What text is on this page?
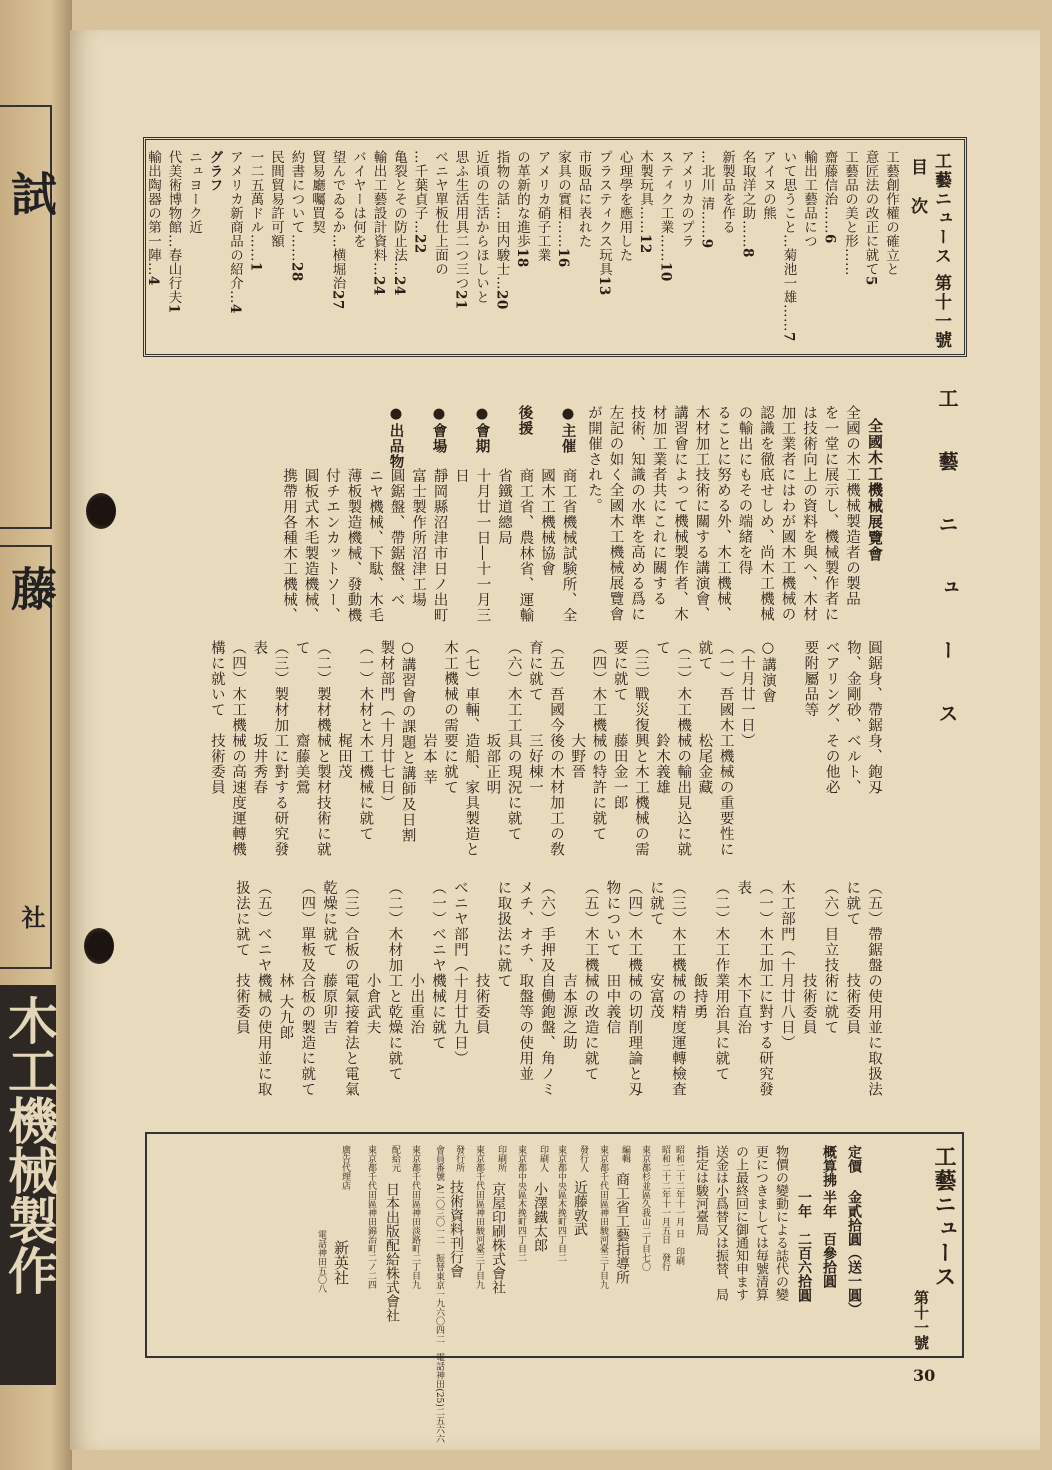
試
藤
社
木工機械製作
工藝ニュース 第十一號
目 次
工藝創作權の確立と
意匠法の改正に就て5
工藝品の美と形……
齋藤信治……6
輸出工藝品につ
いて思うこと…菊池一雄……7
アイヌの熊
名取洋之助……8
新製品を作る
…北川 清……9
アメリカのプラ
スティク工業……10
木製玩具……12
心理學を應用した
プラスティクス玩具13
市販品に表れた
家具の實相……16
アメリカ硝子工業
の革新的な進歩18
指物の話…田内駿士…20
近頃の生活からほしいと
思ふ生活用具二つ三つ21
べニヤ單板仕上面の
…千葉貞子…22
亀裂とその防止法…24
輸出工藝設計資料…24
バイヤーは何を
望んでゐるか…横堀治27
貿易廳囑買契
約書について……28
民間貿易許可額
一二五萬ドル……1
アメリカ新商品の紹介…4
グラフ
ニュヨーク近
代美術博物館…春山行夫1
輸出陶器の第一陣…4
工 藝 ニ ュ ー ス
全國木工機械展覽會
全國の木工機械製造者の製品
を一堂に展示し、機械製作者に
は技術向上の資料を與へ、木材
加工業者にはわが國木工機械の
認識を徹底せしめ、尚木工機械
の輸出にもその端緒を得
ることに努める外、木工機械、
木材加工技術に關する講演會、
講習會によって機械製作者、木
材加工業者共にこれに關する
技術、知識の水準を高める爲に
左記の如く全國木工機械展覽會
が開催された。
●主催
商工省機械試験所、全
國木工機械協會
後援
商工省、農林省、運輸
省鐵道總局
●會期
十月廿一日―十一月三
日
●會場
靜岡縣沼津市日ノ出町
富士製作所沼津工場
●出品物
圓鋸盤、帶鋸盤、ベ
ニヤ機械、下駄、木毛
薄板製造機械、發動機
付チエンカットソー、
圓板式木毛製造機械、
携帶用各種木工機械、
圓鋸身、帶鋸身、鉋刄
物、金剛砂、ベルト、
ベアリング、その他必
要附屬品等
○講演會
（十月廿一日）
（一）吾國木工機械の重要性に
就て　　　　松尾金藏
（二）木工機械の輸出見込に就
て　　　　　鈴木義雄
（三）戰災復興と木工機械の需
要に就て　　藤田金一郎
（四）木工機械の特許に就て
　　　　　　大野晉
（五）吾國今後の木材加工の敎
育に就て　　三好棟一
（六）木工工具の現況に就て
　　　　　　坂部正明
（七）車輛、造船、家具製造と
木工機械の需要に就て
　　　　　　岩本 莘
○講習會の課題と講師及日割
製材部門（十月廿七日）
（一）木材と木工機械に就て
　　　　　　梶田茂
（二）製材機械と製材技術に就
て　　　　　齋藤美鶯
（三）製材加工に對する研究發
表　　　　　坂井秀春
（四）木工機械の高速度運轉機
構に就いて　技術委員
（五）帶鋸盤の使用並に取扱法
に就て　　　技術委員
（六）目立技術に就て
　　　　　　技術委員
木工部門（十月廿八日）
（一）木工加工に對する研究發
表　　　　　木下直治
（二）木工作業用治具に就て
　　　　　　飯持勇
（三）木工機械の精度運轉檢査
に就て　　　安富茂
（四）木工機械の切削理論と刄
物について　田中義信
（五）木工機械の改造に就て
　　　　　　吉本源之助
（六）手押及自働鉋盤、角ノミ
メチ、オチ、取盤等の使用並
に取扱法に就て
　　　　　　技術委員
べニヤ部門（十月廿九日）
（一）べニヤ機械に就て
　　　　　　小出重治
（二）木材加工と乾燥に就て
　　　　　　小倉武夫
（三）合板の電氣接着法と電氣
乾燥に就て　藤原卯吉
（四）單板及合板の製造に就て
　　　　　　林 大九郎
（五）べニヤ機械の使用並に取
扱法に就て　技術委員
工藝ニュース
第十一號
定價
金貳拾圓（送一圓）
概算拂
半年　百參拾圓
一年　二百六拾圓
物價の變動による誌代の變
更につきましては毎號清算
の上最終回に御通知申ます
送金は小爲替又は振替、局
指定は駿河臺局
昭和二十二年十一月 日　印刷
昭和二十二年十一月五日　發行
東京都杉並區久我山二丁目七〇
編輯
商工省工藝指導所
東京都千代田區神田駿河臺三丁目九
發行人
近藤敦武
東京都中央區木挽町四丁目二
印刷人
小澤鐵太郎
東京都中央區木挽町四丁目二
印刷所
京屋印刷株式會社
東京都千代田區神田駿河臺三丁目九
發行所
技術資料刊行會
會員番號 A二〇三〇一二　振替東京一九六〇四二　電話神田(25)二五六六
東京都千代田區神田淡路町二丁目九
配給元
日本出版配給株式會社
東京都千代田區神田錦治町二ノ二四
廣告代理店
新英社
電話神田五〇八
30
